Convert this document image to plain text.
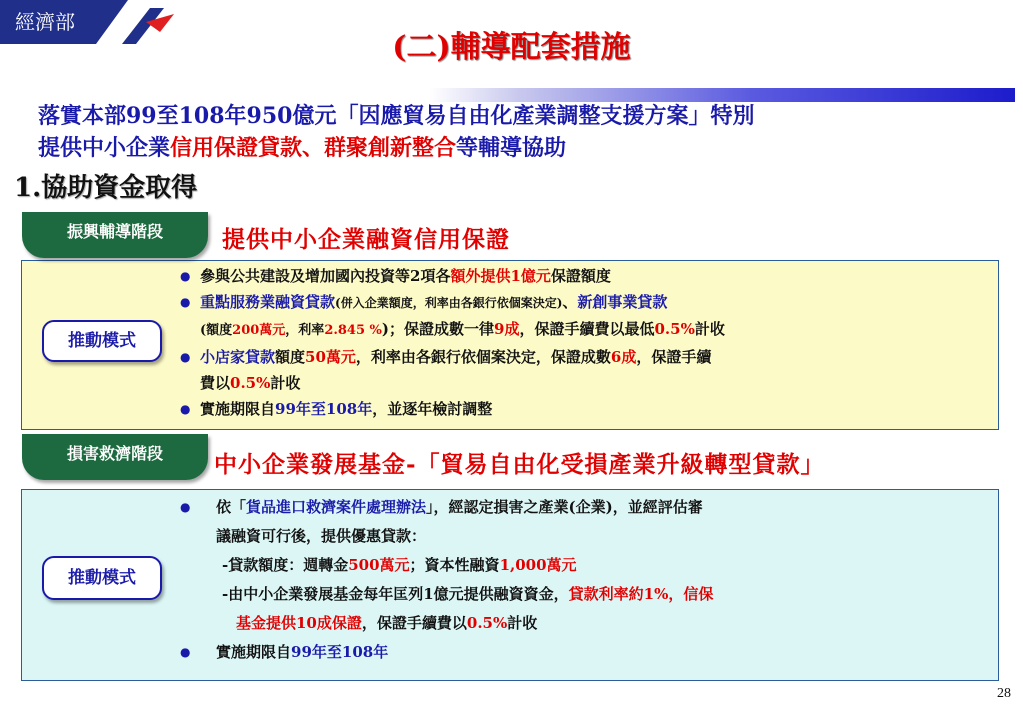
經濟部
(二)輔導配套措施
落實本部99至108年950億元「因應貿易自由化產業調整支援方案」特別
提供中小企業信用保證貸款、群聚創新整合等輔導協助
1.協助資金取得
振興輔導階段	提供中小企業融資信用保證
推動模式
● 參與公共建設及增加國內投資等2項各額外提供1億元保證額度
● 重點服務業融資貸款(併入企業額度，利率由各銀行依個案決定)、新創事業貸款
(額度200萬元，利率2.845 %)；保證成數一律9成，保證手續費以最低0.5%計收
● 小店家貸款額度50萬元，利率由各銀行依個案決定，保證成數6成，保證手續
費以0.5%計收
● 實施期限自99年至108年，並逐年檢討調整
損害救濟階段	中小企業發展基金-「貿易自由化受損產業升級轉型貸款」
推動模式
● 依「貨品進口救濟案件處理辦法」，經認定損害之產業(企業)，並經評估審
議融資可行後，提供優惠貸款：
-貸款額度：週轉金500萬元；資本性融資1,000萬元
-由中小企業發展基金每年匡列1億元提供融資資金，貸款利率約1%，信保
基金提供10成保證，保證手續費以0.5%計收
● 實施期限自99年至108年
28
